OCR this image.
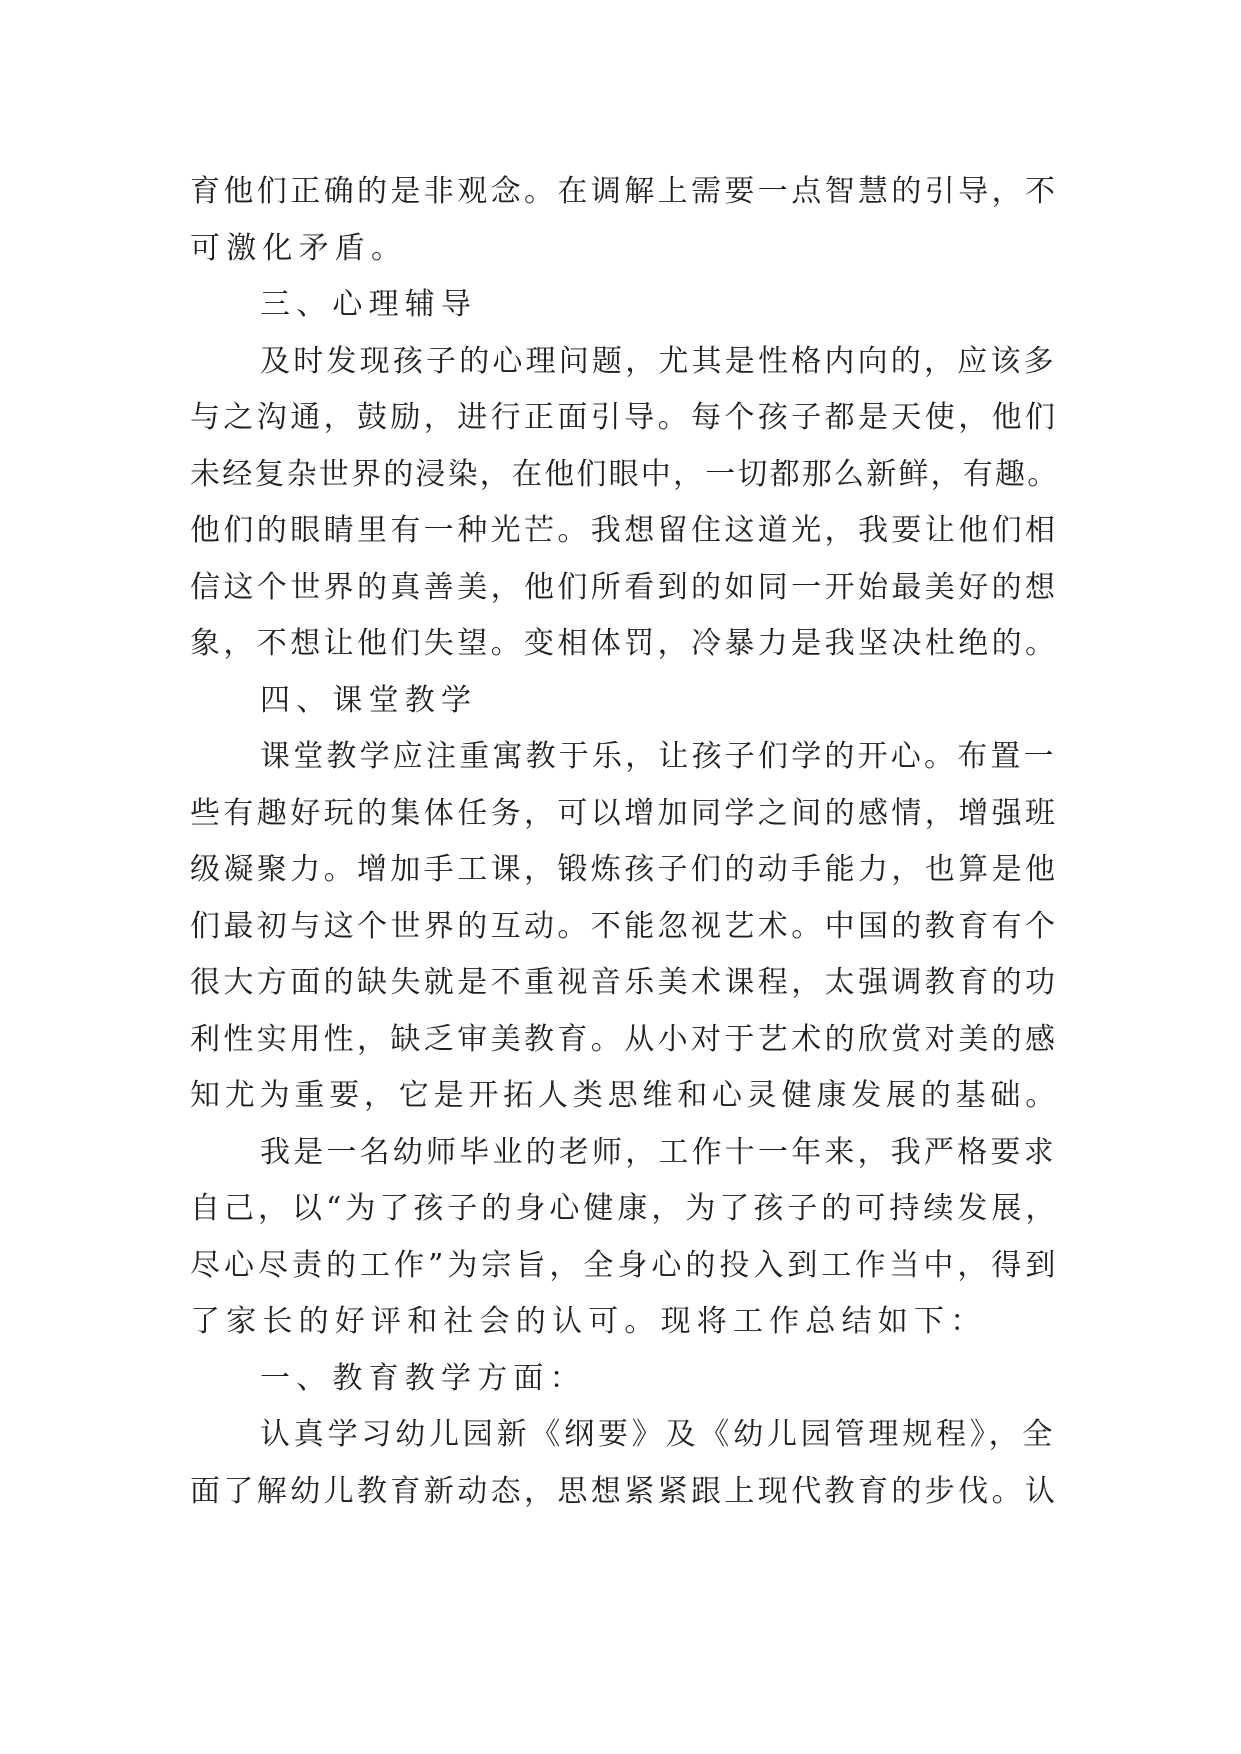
育他们正确的是非观念。在调解上需要一点智慧的引导，不
可激化矛盾。
三、心理辅导
及时发现孩子的心理问题，尤其是性格内向的，应该多
与之沟通，鼓励，进行正面引导。每个孩子都是天使，他们
未经复杂世界的浸染，在他们眼中，一切都那么新鲜，有趣。
他们的眼睛里有一种光芒。我想留住这道光，我要让他们相
信这个世界的真善美，他们所看到的如同一开始最美好的想
象，不想让他们失望。变相体罚，冷暴力是我坚决杜绝的。
四、课堂教学
课堂教学应注重寓教于乐，让孩子们学的开心。布置一
些有趣好玩的集体任务，可以增加同学之间的感情，增强班
级凝聚力。增加手工课，锻炼孩子们的动手能力，也算是他
们最初与这个世界的互动。不能忽视艺术。中国的教育有个
很大方面的缺失就是不重视音乐美术课程，太强调教育的功
利性实用性，缺乏审美教育。从小对于艺术的欣赏对美的感
知尤为重要，它是开拓人类思维和心灵健康发展的基础。
我是一名幼师毕业的老师，工作十一年来，我严格要求
自己，以“为了孩子的身心健康，为了孩子的可持续发展，
尽心尽责的工作”为宗旨，全身心的投入到工作当中，得到
了家长的好评和社会的认可。现将工作总结如下：
一、教育教学方面：
认真学习幼儿园新《纲要》及《幼儿园管理规程》，全
面了解幼儿教育新动态，思想紧紧跟上现代教育的步伐。认
